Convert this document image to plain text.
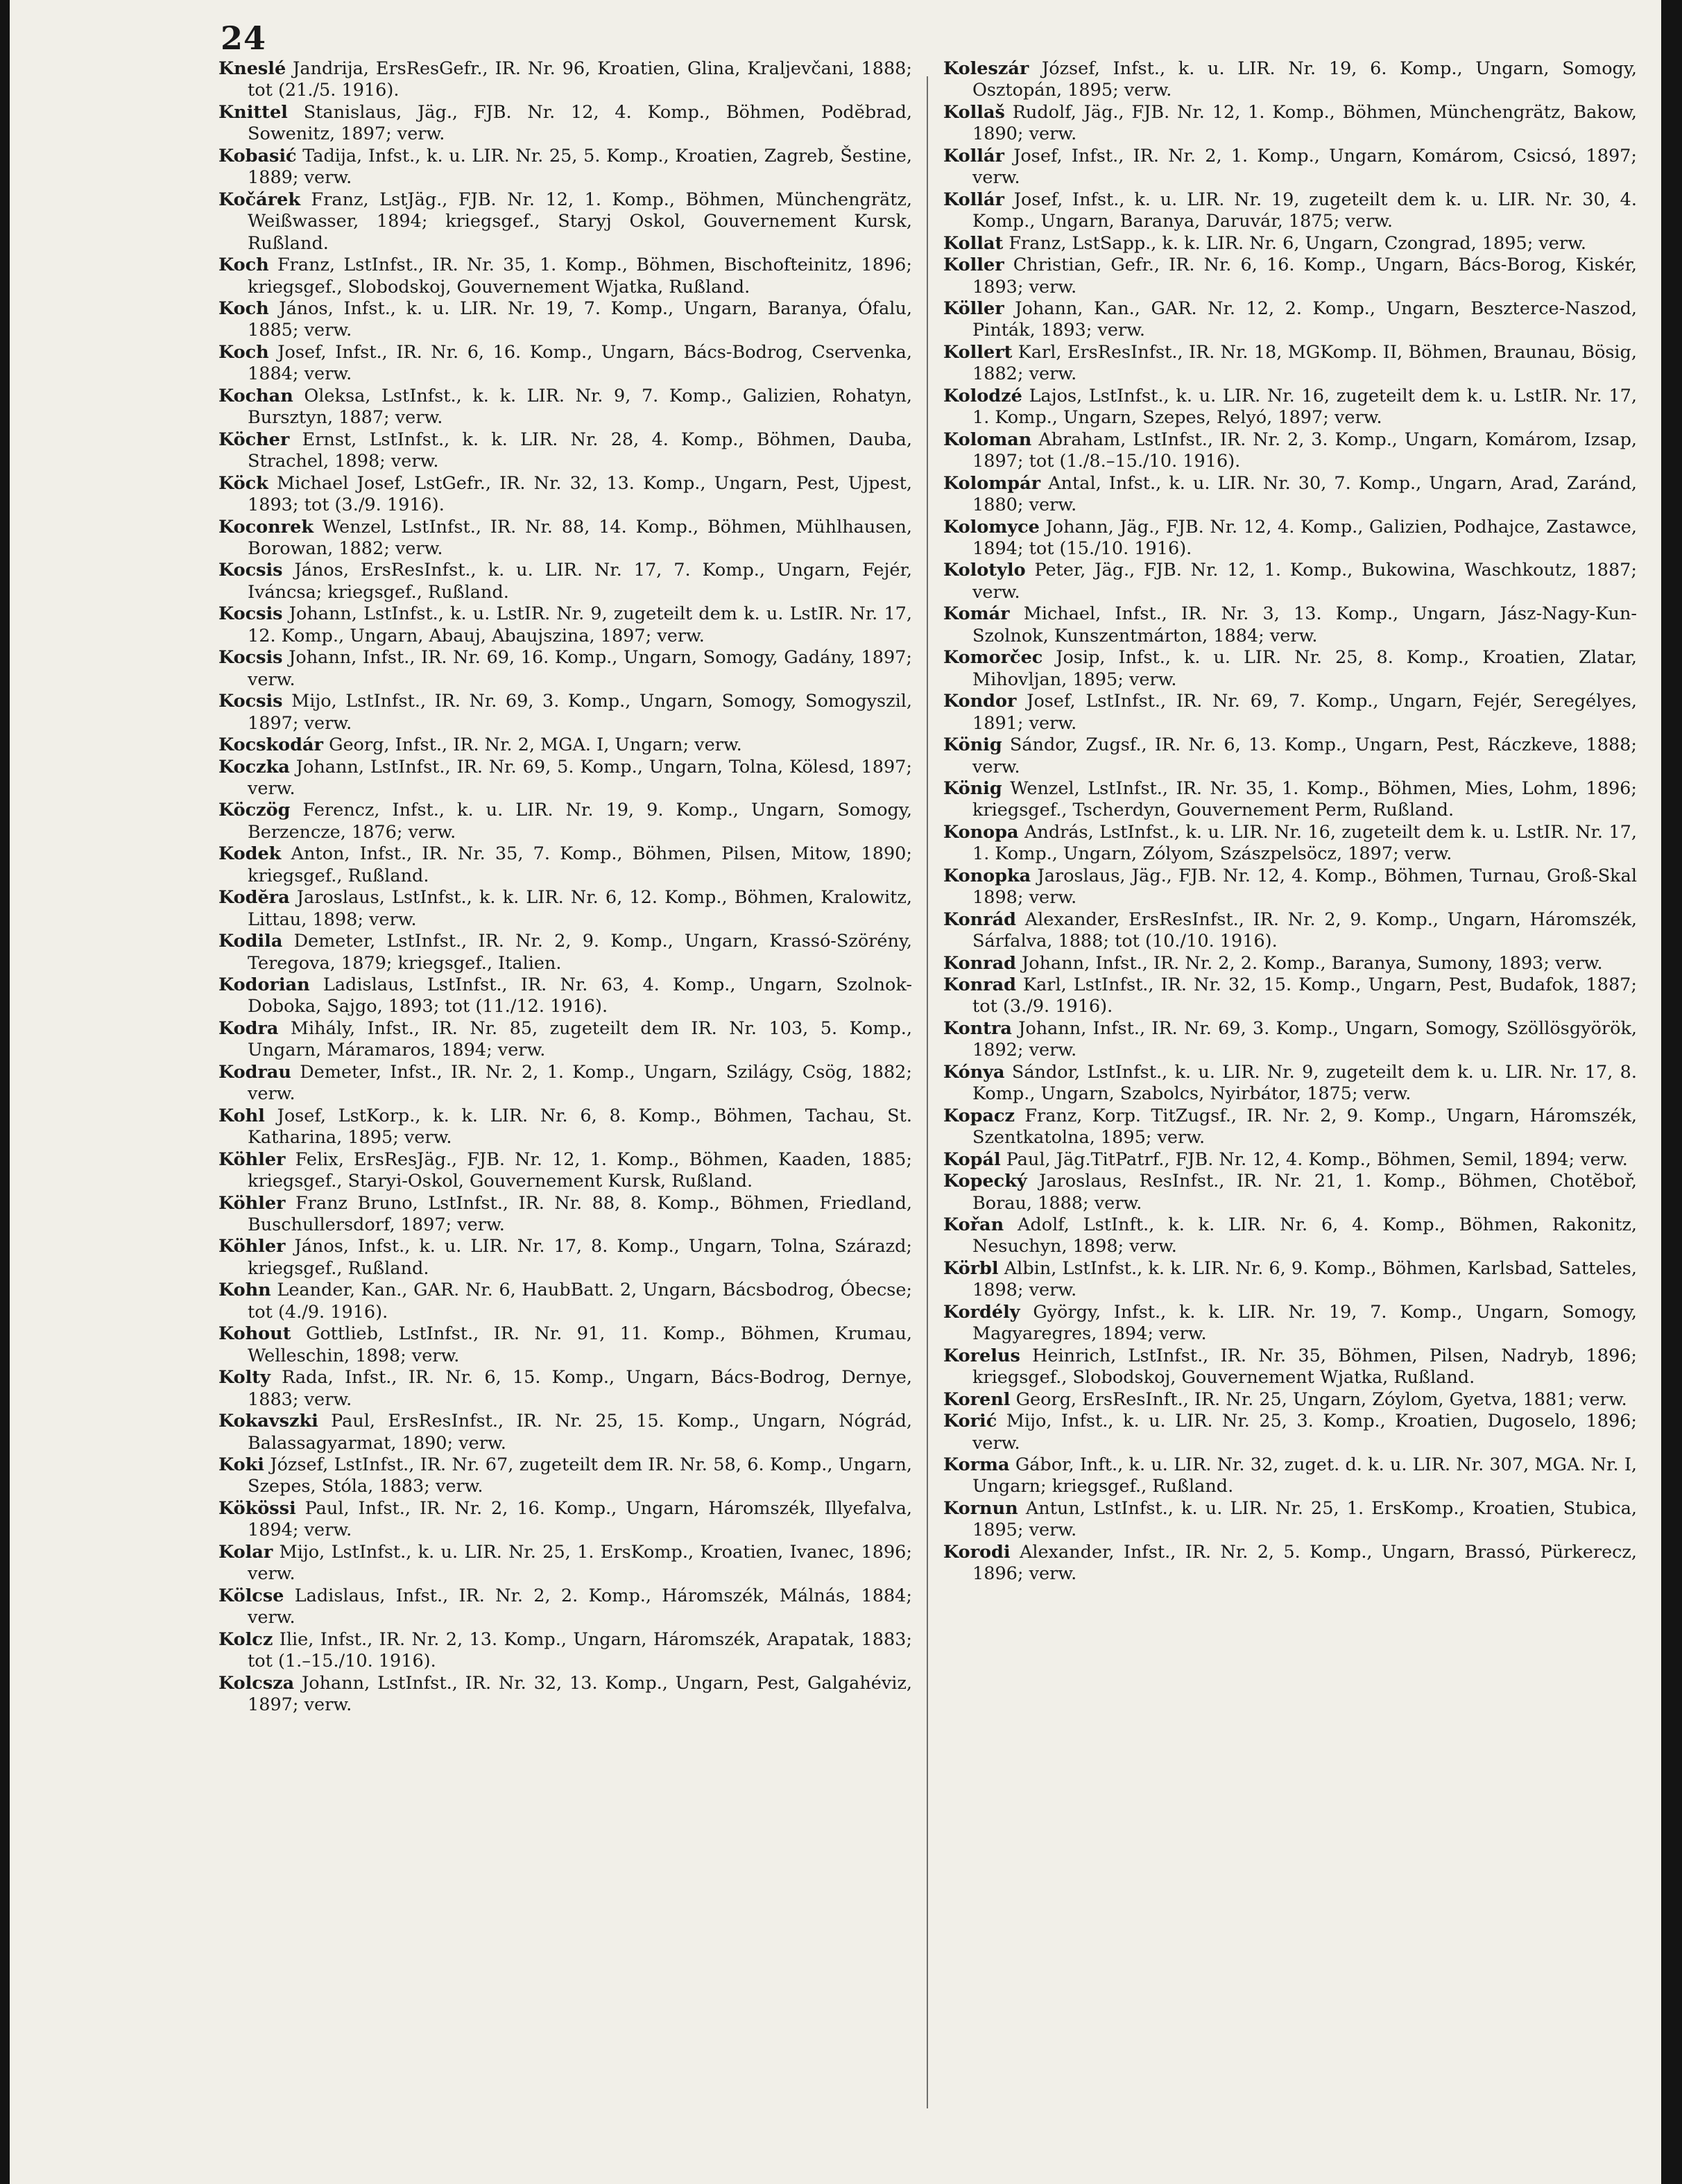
24

Kneslé Jandrija, ErsResGefr., IR. Nr. 96, Kroatien, Glina, Kraljevčani, 1888; tot (21./5. 1916).

Knittel Stanislaus, Jäg., FJB. Nr. 12, 4. Komp., Böhmen, Podĕbrad, Sowenitz, 1897; verw.

Kobasić Tadija, Infst., k. u. LIR. Nr. 25, 5. Komp., Kroatien, Zagreb, Šestine, 1889; verw.

Kočárek Franz, LstJäg., FJB. Nr. 12, 1. Komp., Böhmen, Münchengrätz, Weißwasser, 1894; kriegsgef., Staryj Oskol, Gouvernement Kursk, Rußland.

Koch Franz, LstInfst., IR. Nr. 35, 1. Komp., Böhmen, Bischofteinitz, 1896; kriegsgef., Slobodskoj, Gouvernement Wjatka, Rußland.

Koch János, Infst., k. u. LIR. Nr. 19, 7. Komp., Ungarn, Baranya, Ófalu, 1885; verw.

Koch Josef, Infst., IR. Nr. 6, 16. Komp., Ungarn, Bács-Bodrog, Cservenka, 1884; verw.

Kochan Oleksa, LstInfst., k. k. LIR. Nr. 9, 7. Komp., Galizien, Rohatyn, Bursztyn, 1887; verw.

Köcher Ernst, LstInfst., k. k. LIR. Nr. 28, 4. Komp., Böhmen, Dauba, Strachel, 1898; verw.

Köck Michael Josef, LstGefr., IR. Nr. 32, 13. Komp., Ungarn, Pest, Ujpest, 1893; tot (3./9. 1916).

Koconrek Wenzel, LstInfst., IR. Nr. 88, 14. Komp., Böhmen, Mühlhausen, Borowan, 1882; verw.

Kocsis János, ErsResInfst., k. u. LIR. Nr. 17, 7. Komp., Ungarn, Fejér, Iváncsa; kriegsgef., Rußland.

Kocsis Johann, LstInfst., k. u. LstIR. Nr. 9, zugeteilt dem k. u. LstIR. Nr. 17, 12. Komp., Ungarn, Abauj, Abaujszina, 1897; verw.

Kocsis Johann, Infst., IR. Nr. 69, 16. Komp., Ungarn, Somogy, Gadány, 1897; verw.

Kocsis Mijo, LstInfst., IR. Nr. 69, 3. Komp., Ungarn, Somogy, Somogyszil, 1897; verw.

Kocskodár Georg, Infst., IR. Nr. 2, MGA. I, Ungarn; verw.

Koczka Johann, LstInfst., IR. Nr. 69, 5. Komp., Ungarn, Tolna, Kölesd, 1897; verw.

Köczög Ferencz, Infst., k. u. LIR. Nr. 19, 9. Komp., Ungarn, Somogy, Berzencze, 1876; verw.

Kodek Anton, Infst., IR. Nr. 35, 7. Komp., Böhmen, Pilsen, Mitow, 1890; kriegsgef., Rußland.

Kodĕra Jaroslaus, LstInfst., k. k. LIR. Nr. 6, 12. Komp., Böhmen, Kralowitz, Littau, 1898; verw.

Kodila Demeter, LstInfst., IR. Nr. 2, 9. Komp., Ungarn, Krassó-Szörény, Teregova, 1879; kriegsgef., Italien.

Kodorian Ladislaus, LstInfst., IR. Nr. 63, 4. Komp., Ungarn, Szolnok-Doboka, Sajgo, 1893; tot (11./12. 1916).

Kodra Mihály, Infst., IR. Nr. 85, zugeteilt dem IR. Nr. 103, 5. Komp., Ungarn, Máramaros, 1894; verw.

Kodrau Demeter, Infst., IR. Nr. 2, 1. Komp., Ungarn, Szilágy, Csög, 1882; verw.

Kohl Josef, LstKorp., k. k. LIR. Nr. 6, 8. Komp., Böhmen, Tachau, St. Katharina, 1895; verw.

Köhler Felix, ErsResJäg., FJB. Nr. 12, 1. Komp., Böhmen, Kaaden, 1885; kriegsgef., Staryi-Oskol, Gouvernement Kursk, Rußland.

Köhler Franz Bruno, LstInfst., IR. Nr. 88, 8. Komp., Böhmen, Friedland, Buschullersdorf, 1897; verw.

Köhler János, Infst., k. u. LIR. Nr. 17, 8. Komp., Ungarn, Tolna, Szárazd; kriegsgef., Rußland.

Kohn Leander, Kan., GAR. Nr. 6, HaubBatt. 2, Ungarn, Bácsbodrog, Óbecse; tot (4./9. 1916).

Kohout Gottlieb, LstInfst., IR. Nr. 91, 11. Komp., Böhmen, Krumau, Welleschin, 1898; verw.

Kolty Rada, Infst., IR. Nr. 6, 15. Komp., Ungarn, Bács-Bodrog, Dernye, 1883; verw.

Kokavszki Paul, ErsResInfst., IR. Nr. 25, 15. Komp., Ungarn, Nógrád, Balassagyarmat, 1890; verw.

Koki József, LstInfst., IR. Nr. 67, zugeteilt dem IR. Nr. 58, 6. Komp., Ungarn, Szepes, Stóla, 1883; verw.

Kökössi Paul, Infst., IR. Nr. 2, 16. Komp., Ungarn, Háromszék, Illyefalva, 1894; verw.

Kolar Mijo, LstInfst., k. u. LIR. Nr. 25, 1. ErsKomp., Kroatien, Ivanec, 1896; verw.

Kölcse Ladislaus, Infst., IR. Nr. 2, 2. Komp., Háromszék, Málnás, 1884; verw.

Kolcz Ilie, Infst., IR. Nr. 2, 13. Komp., Ungarn, Háromszék, Arapatak, 1883; tot (1.–15./10. 1916).

Kolcsza Johann, LstInfst., IR. Nr. 32, 13. Komp., Ungarn, Pest, Galgahéviz, 1897; verw.

Koleszár József, Infst., k. u. LIR. Nr. 19, 6. Komp., Ungarn, Somogy, Osztopán, 1895; verw.

Kollaš Rudolf, Jäg., FJB. Nr. 12, 1. Komp., Böhmen, Münchengrätz, Bakow, 1890; verw.

Kollár Josef, Infst., IR. Nr. 2, 1. Komp., Ungarn, Komárom, Csicsó, 1897; verw.

Kollár Josef, Infst., k. u. LIR. Nr. 19, zugeteilt dem k. u. LIR. Nr. 30, 4. Komp., Ungarn, Baranya, Daruvár, 1875; verw.

Kollat Franz, LstSapp., k. k. LIR. Nr. 6, Ungarn, Czongrad, 1895; verw.

Koller Christian, Gefr., IR. Nr. 6, 16. Komp., Ungarn, Bács-Borog, Kiskér, 1893; verw.

Köller Johann, Kan., GAR. Nr. 12, 2. Komp., Ungarn, Beszterce-Naszod, Pinták, 1893; verw.

Kollert Karl, ErsResInfst., IR. Nr. 18, MGKomp. II, Böhmen, Braunau, Bösig, 1882; verw.

Kolodzé Lajos, LstInfst., k. u. LIR. Nr. 16, zugeteilt dem k. u. LstIR. Nr. 17, 1. Komp., Ungarn, Szepes, Relyó, 1897; verw.

Koloman Abraham, LstInfst., IR. Nr. 2, 3. Komp., Ungarn, Komárom, Izsap, 1897; tot (1./8.–15./10. 1916).

Kolompár Antal, Infst., k. u. LIR. Nr. 30, 7. Komp., Ungarn, Arad, Zaránd, 1880; verw.

Kolomyce Johann, Jäg., FJB. Nr. 12, 4. Komp., Galizien, Podhajce, Zastawce, 1894; tot (15./10. 1916).

Kolotylo Peter, Jäg., FJB. Nr. 12, 1. Komp., Bukowina, Waschkoutz, 1887; verw.

Komár Michael, Infst., IR. Nr. 3, 13. Komp., Ungarn, Jász-Nagy-Kun-Szolnok, Kunszentmárton, 1884; verw.

Komorčec Josip, Infst., k. u. LIR. Nr. 25, 8. Komp., Kroatien, Zlatar, Mihovljan, 1895; verw.

Kondor Josef, LstInfst., IR. Nr. 69, 7. Komp., Ungarn, Fejér, Seregélyes, 1891; verw.

König Sándor, Zugsf., IR. Nr. 6, 13. Komp., Ungarn, Pest, Ráczkeve, 1888; verw.

König Wenzel, LstInfst., IR. Nr. 35, 1. Komp., Böhmen, Mies, Lohm, 1896; kriegsgef., Tscherdyn, Gouvernement Perm, Rußland.

Konopa András, LstInfst., k. u. LIR. Nr. 16, zugeteilt dem k. u. LstIR. Nr. 17, 1. Komp., Ungarn, Zólyom, Szászpelsöcz, 1897; verw.

Konopka Jaroslaus, Jäg., FJB. Nr. 12, 4. Komp., Böhmen, Turnau, Groß-Skal 1898; verw.

Konrád Alexander, ErsResInfst., IR. Nr. 2, 9. Komp., Ungarn, Háromszék, Sárfalva, 1888; tot (10./10. 1916).

Konrad Johann, Infst., IR. Nr. 2, 2. Komp., Baranya, Sumony, 1893; verw.

Konrad Karl, LstInfst., IR. Nr. 32, 15. Komp., Ungarn, Pest, Budafok, 1887; tot (3./9. 1916).

Kontra Johann, Infst., IR. Nr. 69, 3. Komp., Ungarn, Somogy, Szöllösgyörök, 1892; verw.

Kónya Sándor, LstInfst., k. u. LIR. Nr. 9, zugeteilt dem k. u. LIR. Nr. 17, 8. Komp., Ungarn, Szabolcs, Nyirbátor, 1875; verw.

Kopacz Franz, Korp. TitZugsf., IR. Nr. 2, 9. Komp., Ungarn, Háromszék, Szentkatolna, 1895; verw.

Kopál Paul, Jäg.TitPatrf., FJB. Nr. 12, 4. Komp., Böhmen, Semil, 1894; verw.

Kopecký Jaroslaus, ResInfst., IR. Nr. 21, 1. Komp., Böhmen, Chotĕboř, Borau, 1888; verw.

Kořan Adolf, LstInft., k. k. LIR. Nr. 6, 4. Komp., Böhmen, Rakonitz, Nesuchyn, 1898; verw.

Körbl Albin, LstInfst., k. k. LIR. Nr. 6, 9. Komp., Böhmen, Karlsbad, Satteles, 1898; verw.

Kordély György, Infst., k. k. LIR. Nr. 19, 7. Komp., Ungarn, Somogy, Magyaregres, 1894; verw.

Korelus Heinrich, LstInfst., IR. Nr. 35, Böhmen, Pilsen, Nadryb, 1896; kriegsgef., Slobodskoj, Gouvernement Wjatka, Rußland.

Korenl Georg, ErsResInft., IR. Nr. 25, Ungarn, Zóylom, Gyetva, 1881; verw.

Korić Mijo, Infst., k. u. LIR. Nr. 25, 3. Komp., Kroatien, Dugoselo, 1896; verw.

Korma Gábor, Inft., k. u. LIR. Nr. 32, zuget. d. k. u. LIR. Nr. 307, MGA. Nr. I, Ungarn; kriegsgef., Rußland.

Kornun Antun, LstInfst., k. u. LIR. Nr. 25, 1. ErsKomp., Kroatien, Stubica, 1895; verw.

Korodi Alexander, Infst., IR. Nr. 2, 5. Komp., Ungarn, Brassó, Pürkerecz, 1896; verw.
